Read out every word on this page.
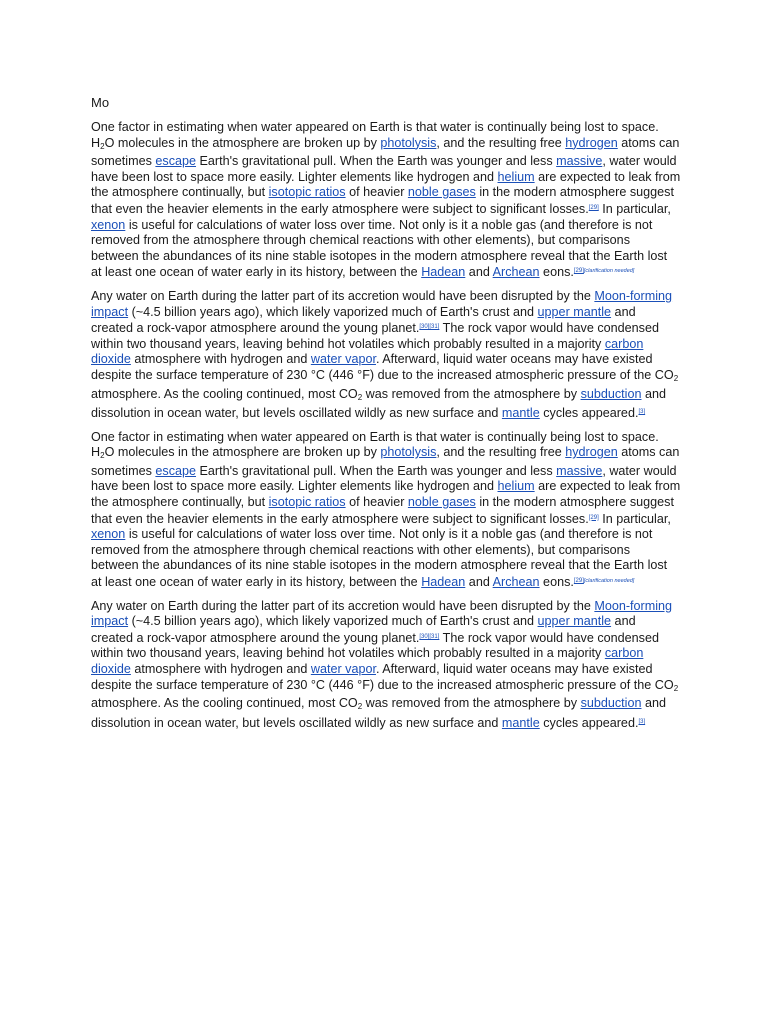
Mo

One factor in estimating when water appeared on Earth is that water is continually being lost to space. $H_2O$ molecules in the atmosphere are broken up by photolysis, and the resulting free hydrogen atoms can sometimes escape Earth's gravitational pull. When the Earth was younger and less massive, water would have been lost to space more easily. Lighter elements like hydrogen and helium are expected to leak from the atmosphere continually, but isotopic ratios of heavier noble gases in the modern atmosphere suggest that even the heavier elements in the early atmosphere were subject to significant losses.[29] In particular, xenon is useful for calculations of water loss over time. Not only is it a noble gas (and therefore is not removed from the atmosphere through chemical reactions with other elements), but comparisons between the abundances of its nine stable isotopes in the modern atmosphere reveal that the Earth lost at least one ocean of water early in its history, between the Hadean and Archean eons.[29][clarification needed]

Any water on Earth during the latter part of its accretion would have been disrupted by the Moon-forming impact (~4.5 billion years ago), which likely vaporized much of Earth's crust and upper mantle and created a rock-vapor atmosphere around the young planet.[30][31] The rock vapor would have condensed within two thousand years, leaving behind hot volatiles which probably resulted in a majority carbon dioxide atmosphere with hydrogen and water vapor. Afterward, liquid water oceans may have existed despite the surface temperature of 230 °C (446 °F) due to the increased atmospheric pressure of the $CO_2$ atmosphere. As the cooling continued, most $CO_2$ was removed from the atmosphere by subduction and dissolution in ocean water, but levels oscillated wildly as new surface and mantle cycles appeared.[3]

One factor in estimating when water appeared on Earth is that water is continually being lost to space. $H_2O$ molecules in the atmosphere are broken up by photolysis, and the resulting free hydrogen atoms can sometimes escape Earth's gravitational pull. When the Earth was younger and less massive, water would have been lost to space more easily. Lighter elements like hydrogen and helium are expected to leak from the atmosphere continually, but isotopic ratios of heavier noble gases in the modern atmosphere suggest that even the heavier elements in the early atmosphere were subject to significant losses.[29] In particular, xenon is useful for calculations of water loss over time. Not only is it a noble gas (and therefore is not removed from the atmosphere through chemical reactions with other elements), but comparisons between the abundances of its nine stable isotopes in the modern atmosphere reveal that the Earth lost at least one ocean of water early in its history, between the Hadean and Archean eons.[29][clarification needed]

Any water on Earth during the latter part of its accretion would have been disrupted by the Moon-forming impact (~4.5 billion years ago), which likely vaporized much of Earth's crust and upper mantle and created a rock-vapor atmosphere around the young planet.[30][31] The rock vapor would have condensed within two thousand years, leaving behind hot volatiles which probably resulted in a majority carbon dioxide atmosphere with hydrogen and water vapor. Afterward, liquid water oceans may have existed despite the surface temperature of 230 °C (446 °F) due to the increased atmospheric pressure of the $CO_2$ atmosphere. As the cooling continued, most $CO_2$ was removed from the atmosphere by subduction and dissolution in ocean water, but levels oscillated wildly as new surface and mantle cycles appeared.[3]
